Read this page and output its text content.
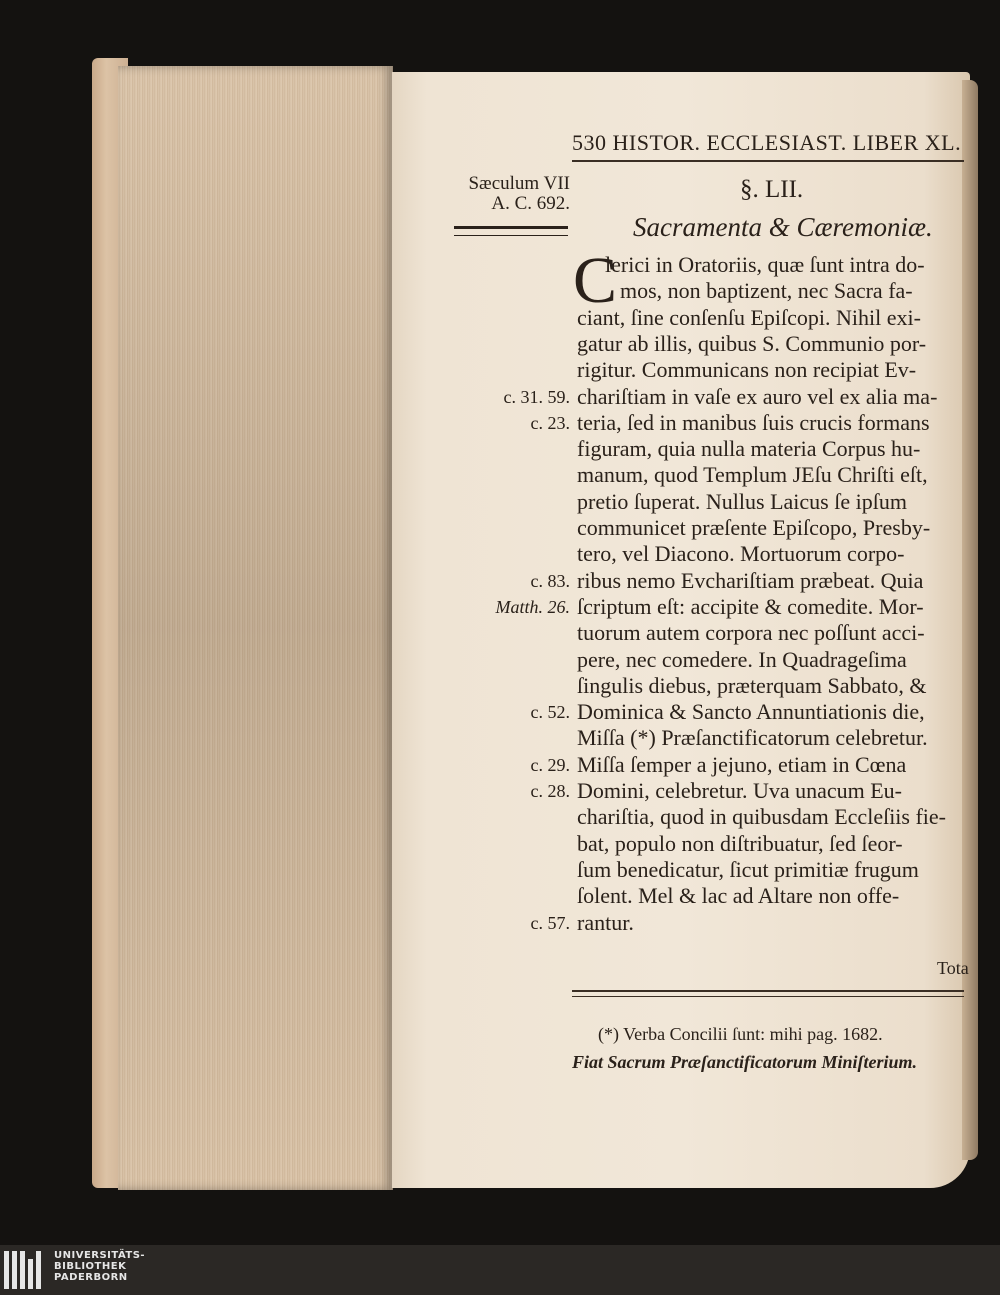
530 HISTOR. ECCLESIAST. LIBER XL.
Sæculum VII
A. C. 692.
§. LII.
Sacramenta & Cæremoniæ.
C
lerici in Oratoriis, quæ ſunt intra do-
mos, non baptizent, nec Sacra fa-
ciant, ſine conſenſu Epiſcopi. Nihil exi-
gatur ab illis, quibus S. Communio por-
rigitur. Communicans non recipiat Ev-
chariſtiam in vaſe ex auro vel ex alia ma-
teria, ſed in manibus ſuis crucis formans
figuram, quia nulla materia Corpus hu-
manum, quod Templum JEſu Chriſti eſt,
pretio ſuperat. Nullus Laicus ſe ipſum
communicet præſente Epiſcopo, Presby-
tero, vel Diacono. Mortuorum corpo-
ribus nemo Evchariſtiam præbeat. Quia
ſcriptum eſt: accipite & comedite. Mor-
tuorum autem corpora nec poſſunt acci-
pere, nec comedere. In Quadrageſima
ſingulis diebus, præterquam Sabbato, &
Dominica & Sancto Annuntiationis die,
Miſſa (*) Præſanctificatorum celebretur.
Miſſa ſemper a jejuno, etiam in Cœna
Domini, celebretur. Uva unacum Eu-
chariſtia, quod in quibusdam Eccleſiis fie-
bat, populo non diſtribuatur, ſed ſeor-
ſum benedicatur, ſicut primitiæ frugum
ſolent. Mel & lac ad Altare non offe-
rantur.
c. 31. 59.
c. 23.
c. 83.
Matth. 26.
c. 52.
c. 29.
c. 28.
c. 57.
Tota
(*) Verba Concilii ſunt: mihi pag. 1682.
Fiat Sacrum Præſanctificatorum Miniſterium.
UNIVERSITÄTS-
BIBLIOTHEK
PADERBORN
